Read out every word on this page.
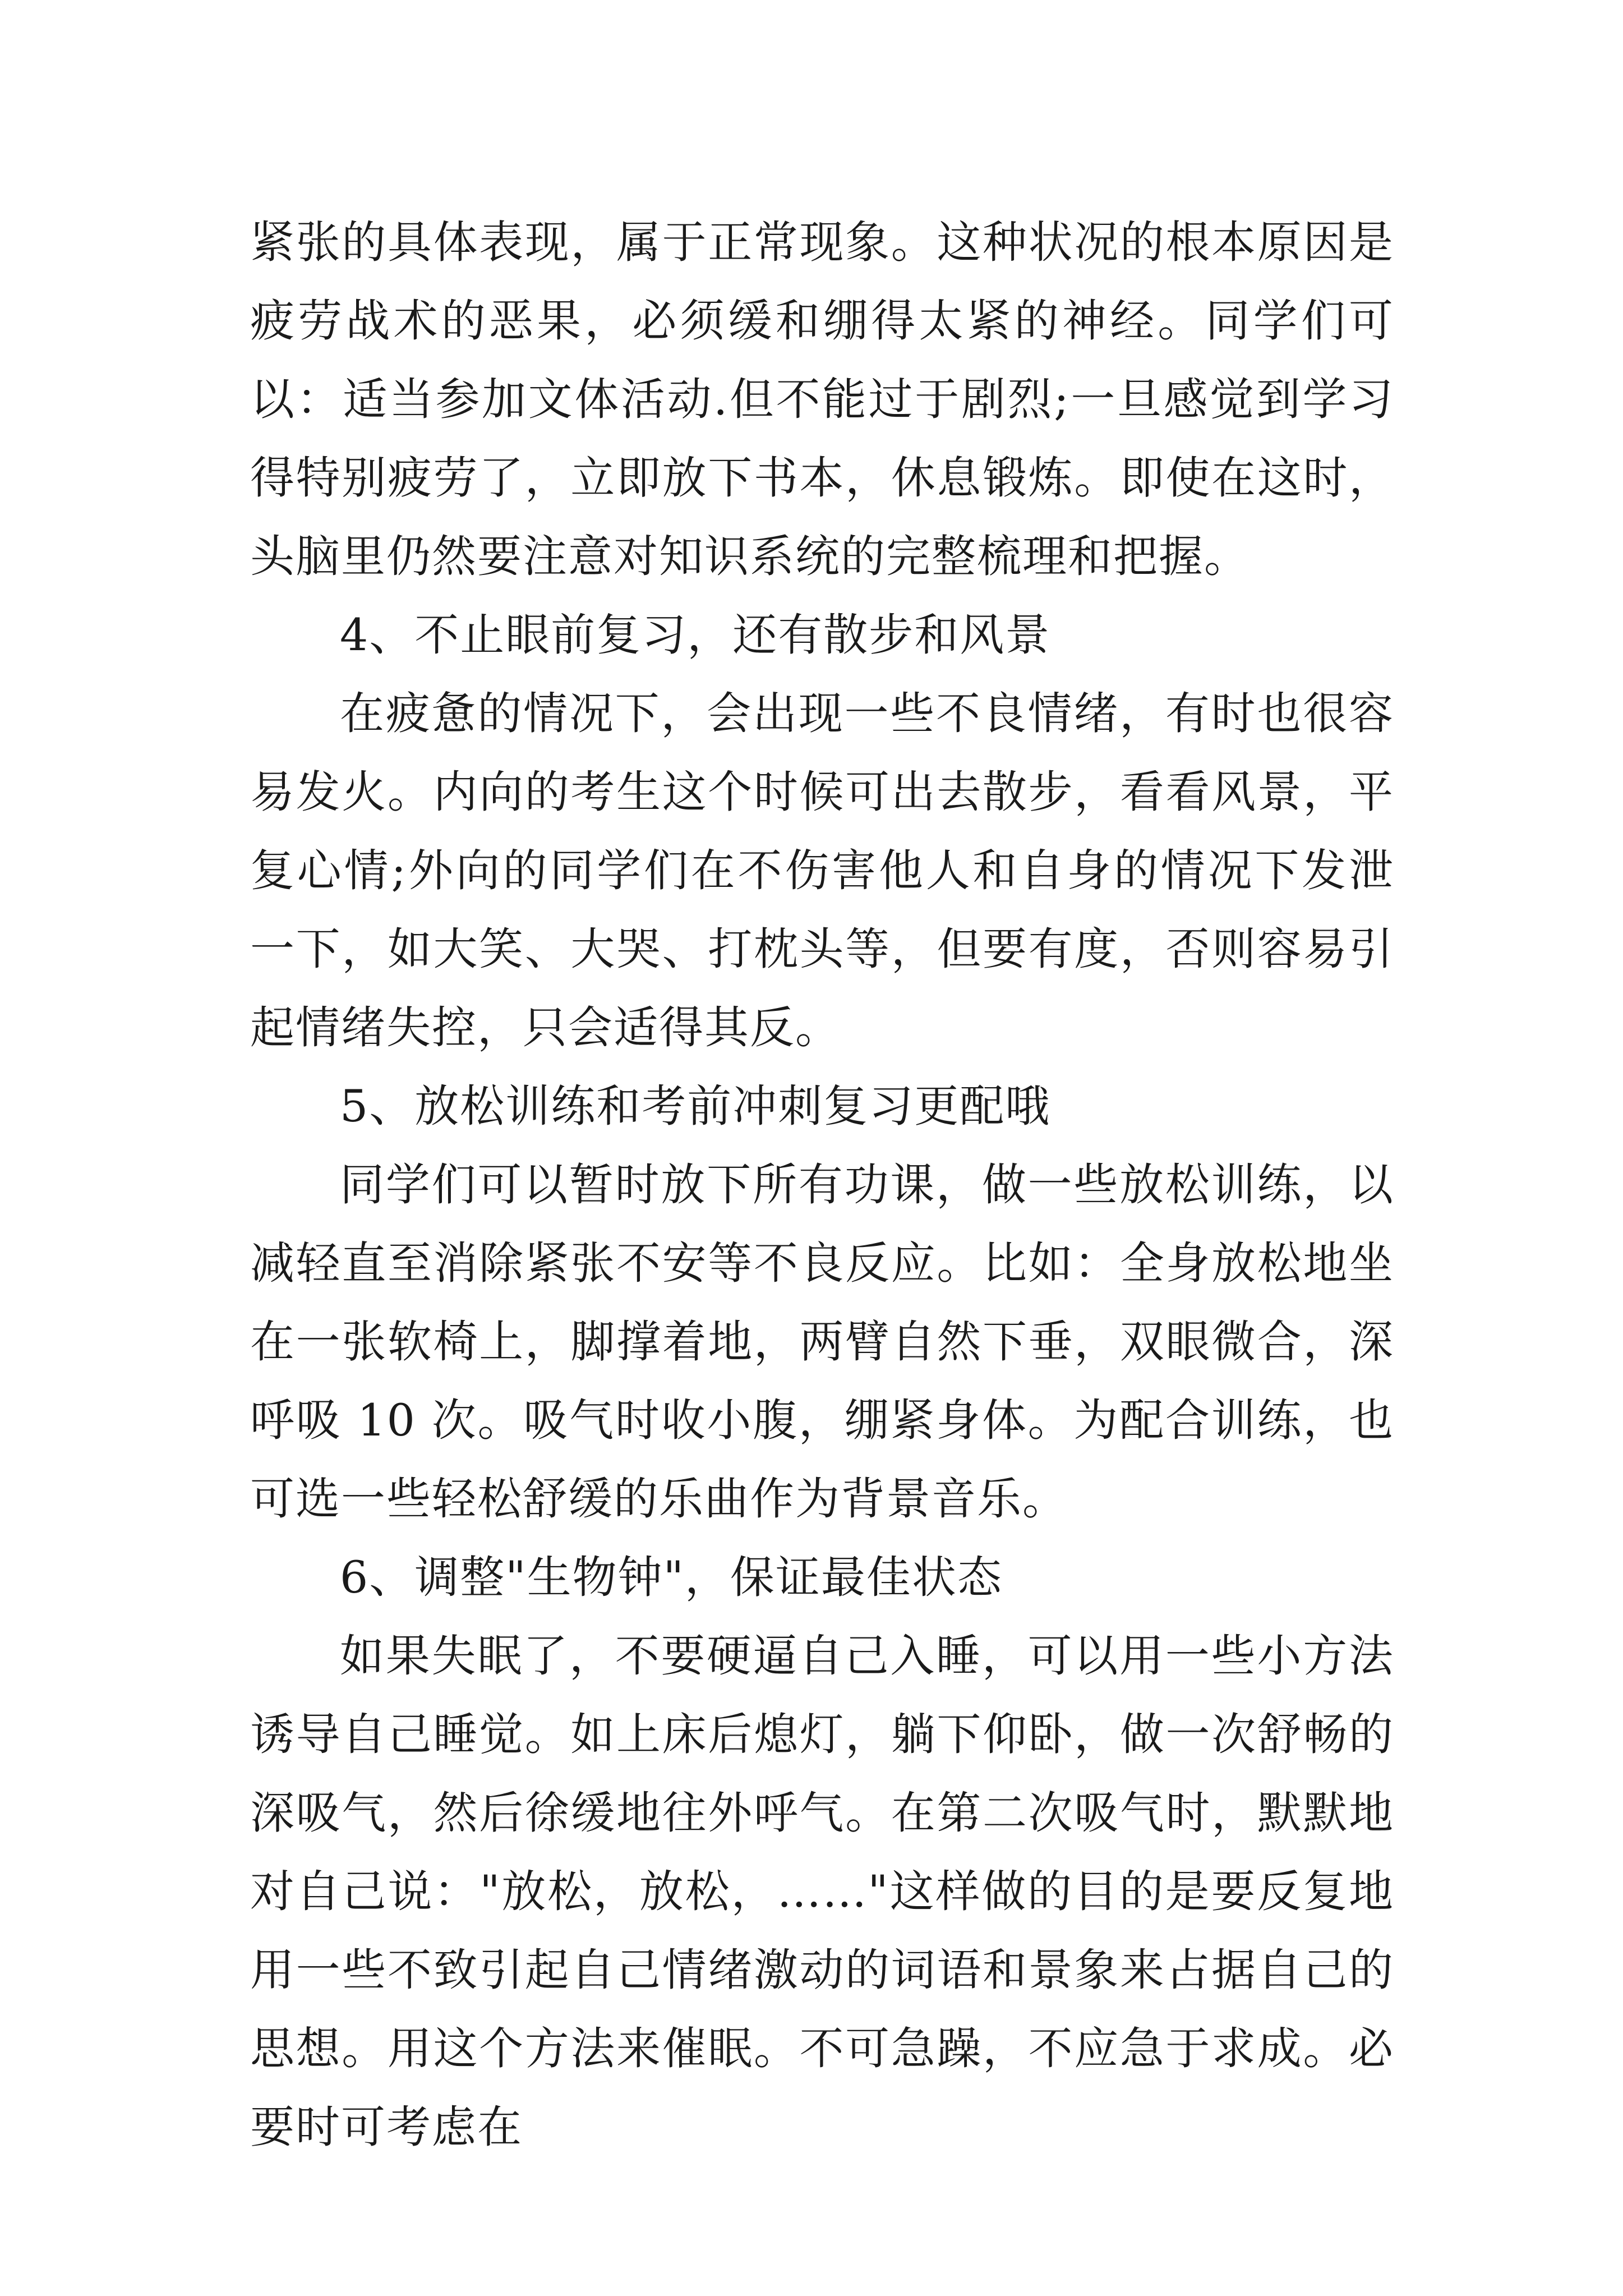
紧张的具体表现，属于正常现象。这种状况的根本原因是疲劳战术的恶果，必须缓和绷得太紧的神经。同学们可以：适当参加文体活动.但不能过于剧烈;一旦感觉到学习得特别疲劳了，立即放下书本，休息锻炼。即使在这时，头脑里仍然要注意对知识系统的完整梳理和把握。

4、不止眼前复习，还有散步和风景

在疲惫的情况下，会出现一些不良情绪，有时也很容易发火。内向的考生这个时候可出去散步，看看风景，平复心情;外向的同学们在不伤害他人和自身的情况下发泄一下，如大笑、大哭、打枕头等，但要有度，否则容易引起情绪失控，只会适得其反。

5、放松训练和考前冲刺复习更配哦

同学们可以暂时放下所有功课，做一些放松训练，以减轻直至消除紧张不安等不良反应。比如：全身放松地坐在一张软椅上，脚撑着地，两臂自然下垂，双眼微合，深呼吸 10 次。吸气时收小腹，绷紧身体。为配合训练，也可选一些轻松舒缓的乐曲作为背景音乐。

6、调整"生物钟"，保证最佳状态

如果失眠了，不要硬逼自己入睡，可以用一些小方法诱导自己睡觉。如上床后熄灯，躺下仰卧，做一次舒畅的深吸气，然后徐缓地往外呼气。在第二次吸气时，默默地对自己说："放松，放松，……"这样做的目的是要反复地用一些不致引起自己情绪激动的词语和景象来占据自己的思想。用这个方法来催眠。不可急躁，不应急于求成。必要时可考虑在
